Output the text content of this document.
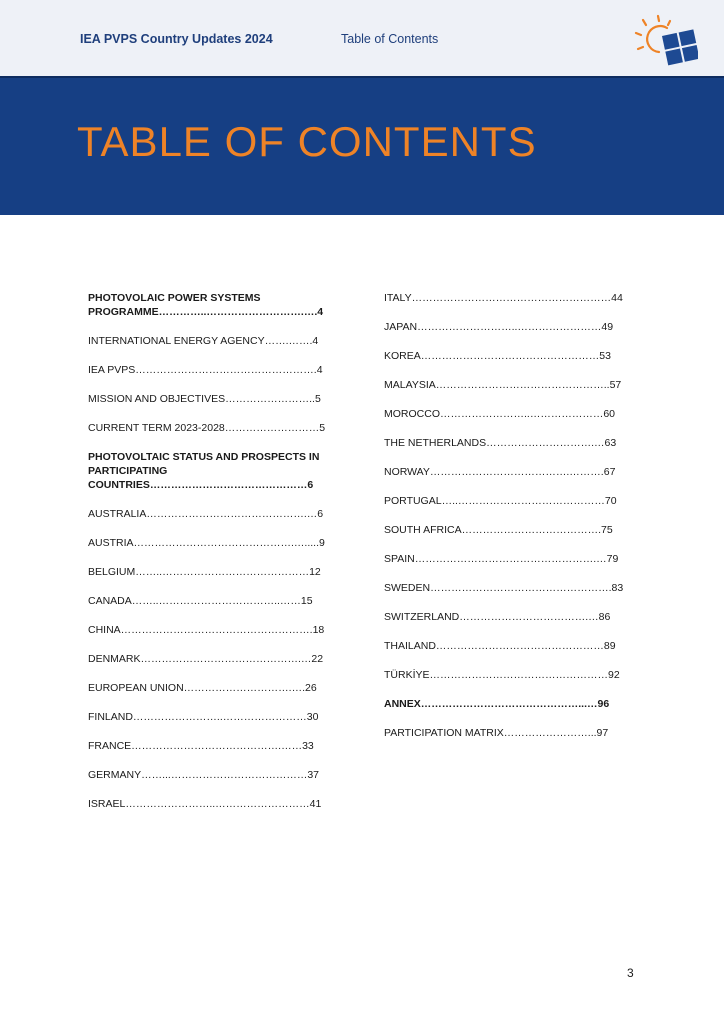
IEA PVPS Country Updates 2024	Table of Contents
TABLE OF CONTENTS
PHOTOVOLAIC POWER SYSTEMS PROGRAMME…………..……………………….….4
INTERNATIONAL ENERGY AGENCY…….…….4
IEA PVPS…………………………………………….4
MISSION AND OBJECTIVES……………………..5
CURRENT TERM 2023-2028………………………5
PHOTOVOLTAIC STATUS AND PROSPECTS IN PARTICIPATING COUNTRIES………………………………………6
AUSTRALIA……………………………………….…6
AUSTRIA……………………………………….….....9
BELGIUM……..……………………………………12
CANADA……..……………………………..……15
CHINA……………………………………………….18
DENMARK……………………………………….…22
EUROPEAN UNION………………………….….26
FINLAND……………………..……………………30
FRANCE…………………………………….……33
GERMANY……...…………………………………37
ISRAEL……………………..………………………41
ITALY…………………………………………………44
JAPAN………………………..……………………49
KOREA……………………………………………53
MALAYSIA…………………………………………..57
MOROCCO……………………..…………………60
THE NETHERLANDS………………………….…63
NORWAY………………………………….……….67
PORTUGAL…..……………………………………70
SOUTH AFRICA………………………………….75
SPAIN…………………………………………….…79
SWEDEN…………………………………………….83
SWITZERLAND……………………………….…86
THAILAND…………………………………………89
TÜRKİYE……………………………………………92
ANNEX………………………………………...…96
PARTICIPATION MATRIX……………………...97
3
